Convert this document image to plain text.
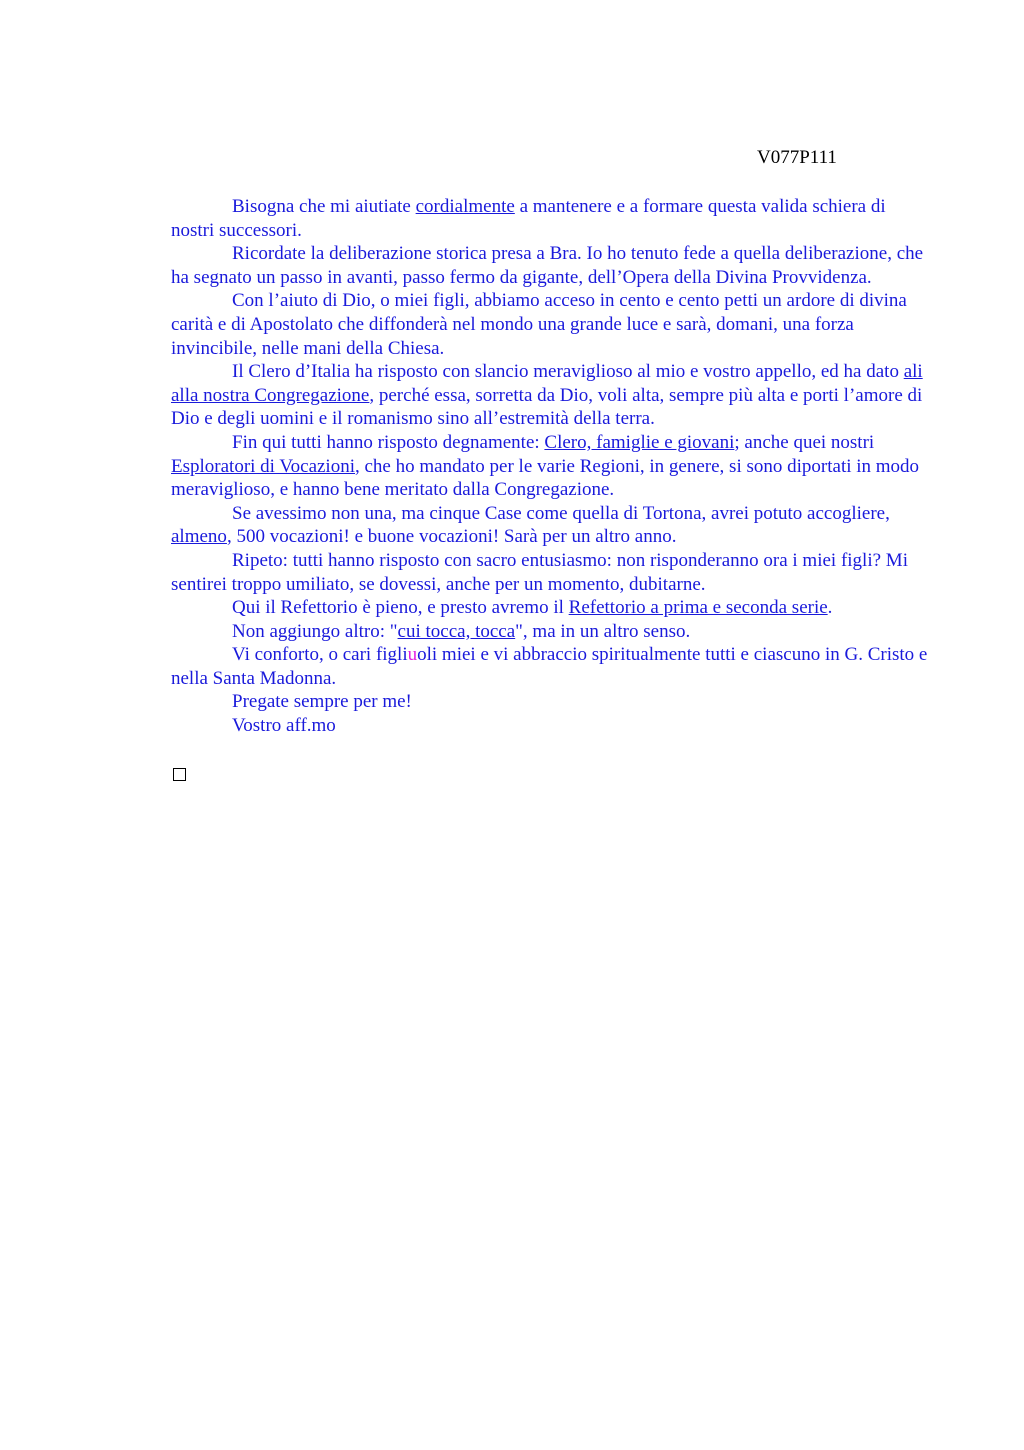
V077P111

Bisogna che mi aiutiate cordialmente a mantenere e a formare questa valida schiera di nostri successori.

Ricordate la deliberazione storica presa a Bra. Io ho tenuto fede a quella deliberazione, che ha segnato un passo in avanti, passo fermo da gigante, dell’Opera della Divina Provvidenza.

Con l’aiuto di Dio, o miei figli, abbiamo acceso in cento e cento petti un ardore di divina carità e di Apostolato che diffonderà nel mondo una grande luce e sarà, domani, una forza invincibile, nelle mani della Chiesa.

Il Clero d’Italia ha risposto con slancio meraviglioso al mio e vostro appello, ed ha dato ali alla nostra Congregazione, perché essa, sorretta da Dio, voli alta, sempre più alta e porti l’amore di Dio e degli uomini e il romanismo sino all’estremità della terra.

Fin qui tutti hanno risposto degnamente: Clero, famiglie e giovani; anche quei nostri Esploratori di Vocazioni, che ho mandato per le varie Regioni, in genere, si sono diportati in modo meraviglioso, e hanno bene meritato dalla Congregazione.

Se avessimo non una, ma cinque Case come quella di Tortona, avrei potuto accogliere, almeno, 500 vocazioni! e buone vocazioni! Sarà per un altro anno.

Ripeto: tutti hanno risposto con sacro entusiasmo: non risponderanno ora i miei figli? Mi sentirei troppo umiliato, se dovessi, anche per un momento, dubitarne.

Qui il Refettorio è pieno, e presto avremo il Refettorio a prima e seconda serie.

Non aggiungo altro: "cui tocca, tocca", ma in un altro senso.

Vi conforto, o cari figliuoli miei e vi abbraccio spiritualmente tutti e ciascuno in G. Cristo e nella Santa Madonna.

Pregate sempre per me!

Vostro aff.mo
